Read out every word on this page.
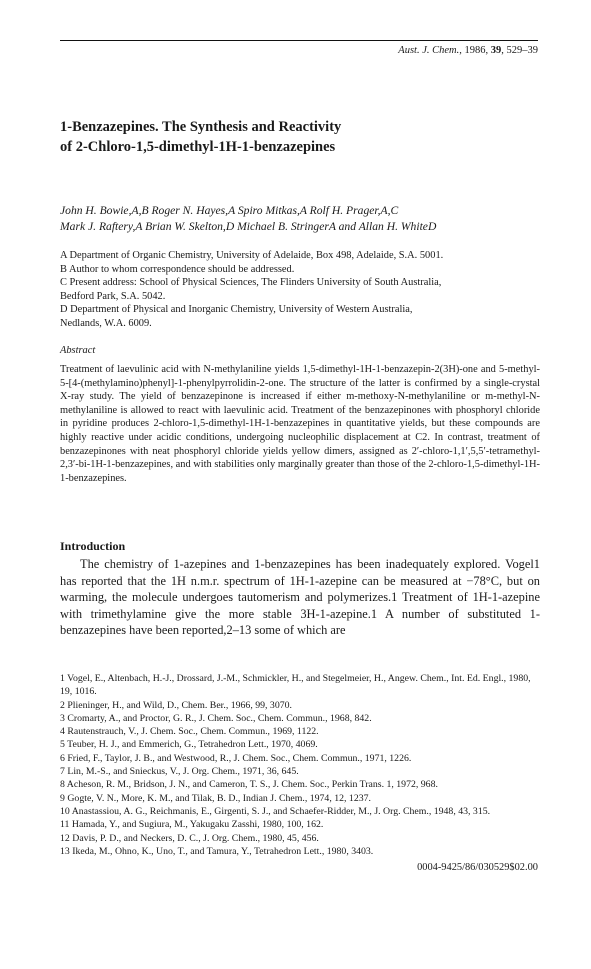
Aust. J. Chem., 1986, 39, 529–39
1-Benzazepines. The Synthesis and Reactivity
of 2-Chloro-1,5-dimethyl-1H-1-benzazepines
John H. Bowie,A,B Roger N. Hayes,A Spiro Mitkas,A Rolf H. Prager,A,C
Mark J. Raftery,A Brian W. Skelton,D Michael B. StringerA and Allan H. WhiteD
A Department of Organic Chemistry, University of Adelaide, Box 498, Adelaide, S.A. 5001.
B Author to whom correspondence should be addressed.
C Present address: School of Physical Sciences, The Flinders University of South Australia,
Bedford Park, S.A. 5042.
D Department of Physical and Inorganic Chemistry, University of Western Australia,
Nedlands, W.A. 6009.
Abstract

Treatment of laevulinic acid with N-methylaniline yields 1,5-dimethyl-1H-1-benzazepin-2(3H)-one and 5-methyl-5-[4-(methylamino)phenyl]-1-phenylpyrrolidin-2-one. The structure of the latter is confirmed by a single-crystal X-ray study. The yield of benzazepinone is increased if either m-methoxy-N-methylaniline or m-methyl-N-methylaniline is allowed to react with laevulinic acid. Treatment of the benzazepinones with phosphoryl chloride in pyridine produces 2-chloro-1,5-dimethyl-1H-1-benzazepines in quantitative yields, but these compounds are highly reactive under acidic conditions, undergoing nucleophilic displacement at C2. In contrast, treatment of benzazepinones with neat phosphoryl chloride yields yellow dimers, assigned as 2′-chloro-1,1′,5,5′-tetramethyl-2,3′-bi-1H-1-benzazepines, and with stabilities only marginally greater than those of the 2-chloro-1,5-dimethyl-1H-1-benzazepines.

Introduction

The chemistry of 1-azepines and 1-benzazepines has been inadequately explored. Vogel1 has reported that the 1H n.m.r. spectrum of 1H-1-azepine can be measured at −78°C, but on warming, the molecule undergoes tautomerism and polymerizes.1 Treatment of 1H-1-azepine with trimethylamine give the more stable 3H-1-azepine.1 A number of substituted 1-benzazepines have been reported,2–13 some of which are

1 Vogel, E., Altenbach, H.-J., Drossard, J.-M., Schmickler, H., and Stegelmeier, H., Angew. Chem., Int. Ed. Engl., 1980, 19, 1016.
2 Plieninger, H., and Wild, D., Chem. Ber., 1966, 99, 3070.
3 Cromarty, A., and Proctor, G. R., J. Chem. Soc., Chem. Commun., 1968, 842.
4 Rautenstrauch, V., J. Chem. Soc., Chem. Commun., 1969, 1122.
5 Teuber, H. J., and Emmerich, G., Tetrahedron Lett., 1970, 4069.
6 Fried, F., Taylor, J. B., and Westwood, R., J. Chem. Soc., Chem. Commun., 1971, 1226.
7 Lin, M.-S., and Snieckus, V., J. Org. Chem., 1971, 36, 645.
8 Acheson, R. M., Bridson, J. N., and Cameron, T. S., J. Chem. Soc., Perkin Trans. 1, 1972, 968.
9 Gogte, V. N., More, K. M., and Tilak, B. D., Indian J. Chem., 1974, 12, 1237.
10 Anastassiou, A. G., Reichmanis, E., Girgenti, S. J., and Schaefer-Ridder, M., J. Org. Chem., 1948, 43, 315.
11 Hamada, Y., and Sugiura, M., Yakugaku Zasshi, 1980, 100, 162.
12 Davis, P. D., and Neckers, D. C., J. Org. Chem., 1980, 45, 456.
13 Ikeda, M., Ohno, K., Uno, T., and Tamura, Y., Tetrahedron Lett., 1980, 3403.
0004-9425/86/030529$02.00
